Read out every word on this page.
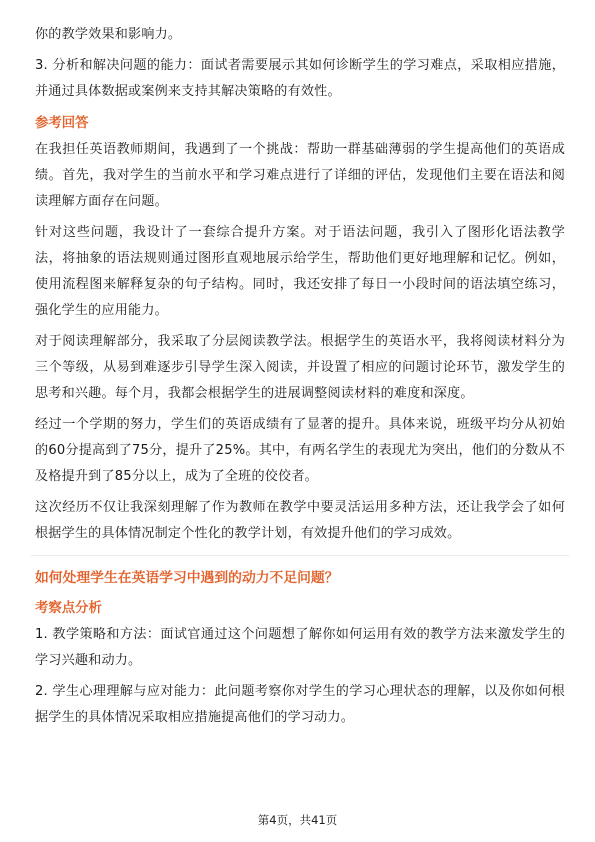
你的教学效果和影响力。

3. 分析和解决问题的能力：面试者需要展示其如何诊断学生的学习难点，采取相应措施，并通过具体数据或案例来支持其解决策略的有效性。

参考回答

在我担任英语教师期间，我遇到了一个挑战：帮助一群基础薄弱的学生提高他们的英语成绩。首先，我对学生的当前水平和学习难点进行了详细的评估，发现他们主要在语法和阅读理解方面存在问题。

针对这些问题，我设计了一套综合提升方案。对于语法问题，我引入了图形化语法教学法，将抽象的语法规则通过图形直观地展示给学生，帮助他们更好地理解和记忆。例如，使用流程图来解释复杂的句子结构。同时，我还安排了每日一小段时间的语法填空练习，强化学生的应用能力。

对于阅读理解部分，我采取了分层阅读教学法。根据学生的英语水平，我将阅读材料分为三个等级，从易到难逐步引导学生深入阅读，并设置了相应的问题讨论环节，激发学生的思考和兴趣。每个月，我都会根据学生的进展调整阅读材料的难度和深度。

经过一个学期的努力，学生们的英语成绩有了显著的提升。具体来说，班级平均分从初始的60分提高到了75分，提升了25%。其中，有两名学生的表现尤为突出，他们的分数从不及格提升到了85分以上，成为了全班的佼佼者。

这次经历不仅让我深刻理解了作为教师在教学中要灵活运用多种方法，还让我学会了如何根据学生的具体情况制定个性化的教学计划，有效提升他们的学习成效。

如何处理学生在英语学习中遇到的动力不足问题？
考察点分析

1. 教学策略和方法：面试官通过这个问题想了解你如何运用有效的教学方法来激发学生的学习兴趣和动力。

2. 学生心理理解与应对能力：此问题考察你对学生的学习心理状态的理解，以及你如何根据学生的具体情况采取相应措施提高他们的学习动力。

第4页，共41页
